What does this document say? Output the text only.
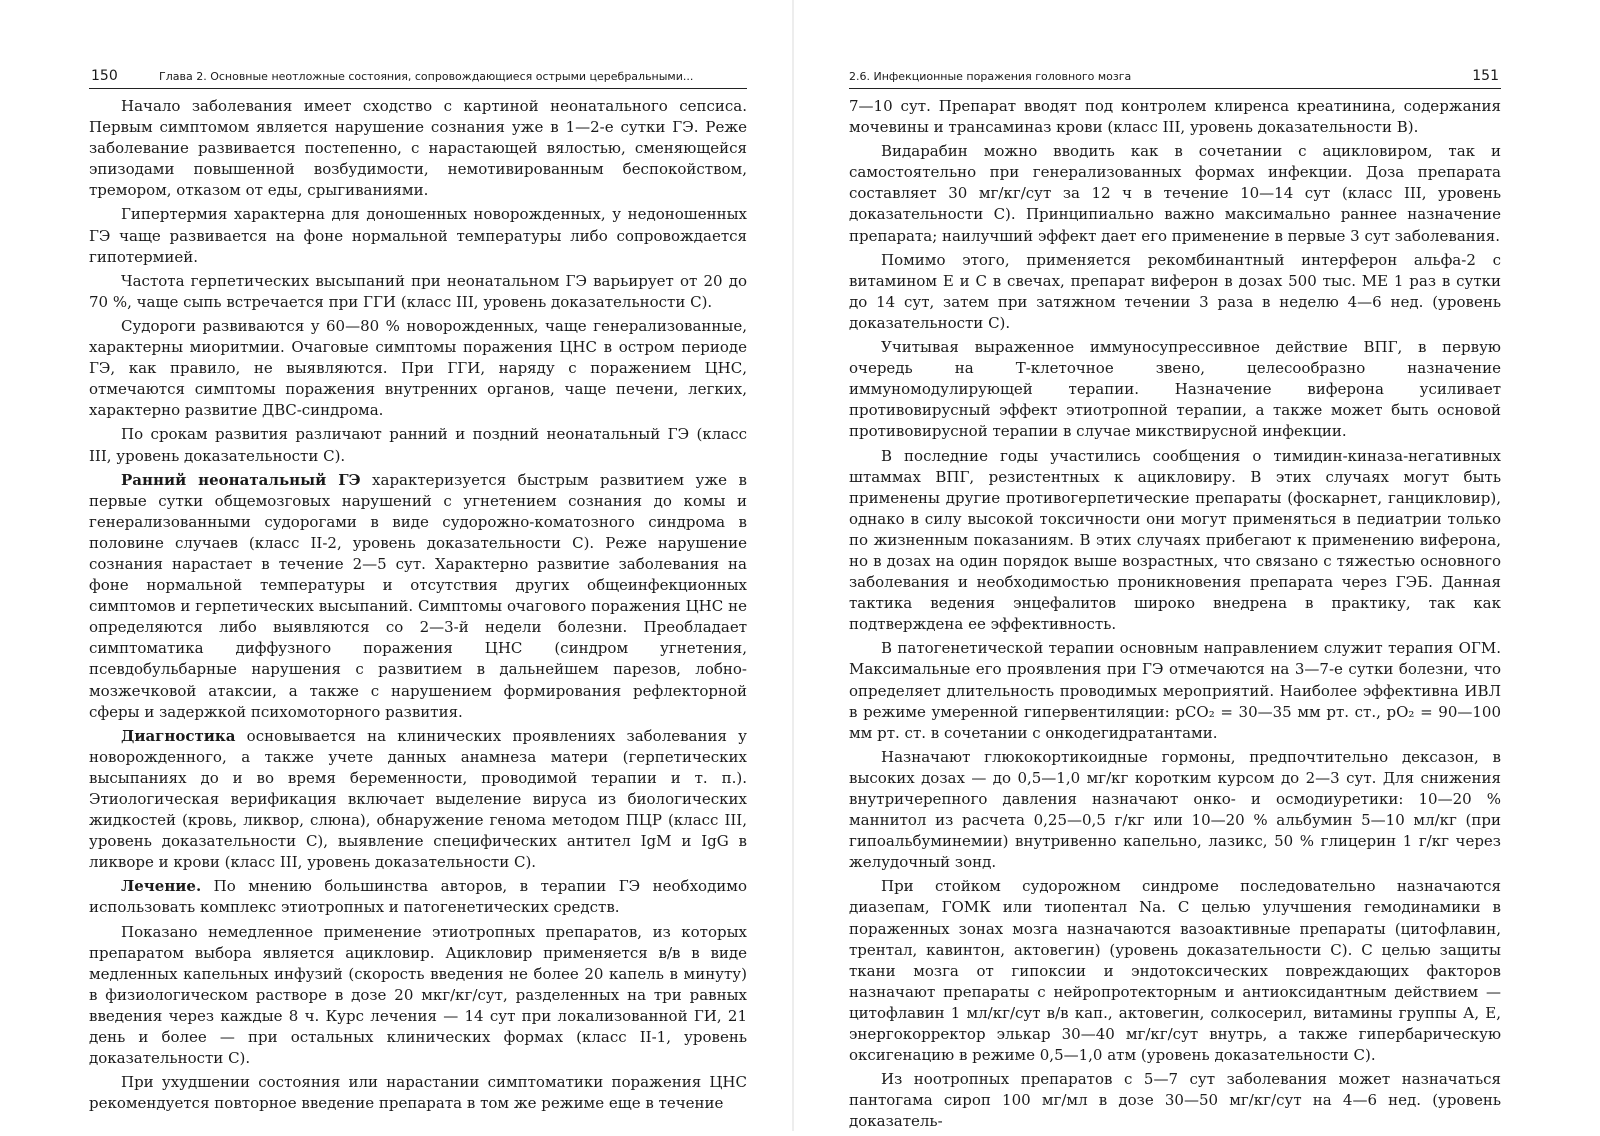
150	Глава 2. Основные неотложные состояния, сопровождающиеся острыми церебральными...

Начало заболевания имеет сходство с картиной неонатального сепсиса. Первым симптомом является нарушение сознания уже в 1—2-е сутки ГЭ. Реже заболевание развивается постепенно, с нарастающей вялостью, сменяющейся эпизодами повышенной возбудимости, немотивированным беспокойством, тремором, отказом от еды, срыгиваниями.

Гипертермия характерна для доношенных новорожденных, у недоношенных ГЭ чаще развивается на фоне нормальной температуры либо сопровождается гипотермией.

Частота герпетических высыпаний при неонатальном ГЭ варьирует от 20 до 70 %, чаще сыпь встречается при ГГИ (класс III, уровень доказательности С).

Судороги развиваются у 60—80 % новорожденных, чаще генерализованные, характерны миоритмии. Очаговые симптомы поражения ЦНС в остром периоде ГЭ, как правило, не выявляются. При ГГИ, наряду с поражением ЦНС, отмечаются симптомы поражения внутренних органов, чаще печени, легких, характерно развитие ДВС-синдрома.

По срокам развития различают ранний и поздний неонатальный ГЭ (класс III, уровень доказательности С).

Ранний неонатальный ГЭ характеризуется быстрым развитием уже в первые сутки общемозговых нарушений с угнетением сознания до комы и генерализованными судорогами в виде судорожно-коматозного синдрома в половине случаев (класс II-2, уровень доказательности С). Реже нарушение сознания нарастает в течение 2—5 сут. Характерно развитие заболевания на фоне нормальной температуры и отсутствия других общеинфекционных симптомов и герпетических высыпаний. Симптомы очагового поражения ЦНС не определяются либо выявляются со 2—3-й недели болезни. Преобладает симптоматика диффузного поражения ЦНС (синдром угнетения, псевдобульбарные нарушения с развитием в дальнейшем парезов, лобно-мозжечковой атаксии, а также с нарушением формирования рефлекторной сферы и задержкой психомоторного развития.

Диагностика основывается на клинических проявлениях заболевания у новорожденного, а также учете данных анамнеза матери (герпетических высыпаниях до и во время беременности, проводимой терапии и т. п.). Этиологическая верификация включает выделение вируса из биологических жидкостей (кровь, ликвор, слюна), обнаружение генома методом ПЦР (класс III, уровень доказательности С), выявление специфических антител IgM и IgG в ликворе и крови (класс III, уровень доказательности С).

Лечение. По мнению большинства авторов, в терапии ГЭ необходимо использовать комплекс этиотропных и патогенетических средств.

Показано немедленное применение этиотропных препаратов, из которых препаратом выбора является ацикловир. Ацикловир применяется в/в в виде медленных капельных инфузий (скорость введения не более 20 капель в минуту) в физиологическом растворе в дозе 20 мкг/кг/сут, разделенных на три равных введения через каждые 8 ч. Курс лечения — 14 сут при локализованной ГИ, 21 день и более — при остальных клинических формах (класс II-1, уровень доказательности С).

При ухудшении состояния или нарастании симптоматики поражения ЦНС рекомендуется повторное введение препарата в том же режиме еще в течение

2.6. Инфекционные поражения головного мозга	151

7—10 сут. Препарат вводят под контролем клиренса креатинина, содержания мочевины и трансаминаз крови (класс III, уровень доказательности В).

Видарабин можно вводить как в сочетании с ацикловиром, так и самостоятельно при генерализованных формах инфекции. Доза препарата составляет 30 мг/кг/сут за 12 ч в течение 10—14 сут (класс III, уровень доказательности С). Принципиально важно максимально раннее назначение препарата; наилучший эффект дает его применение в первые 3 сут заболевания.

Помимо этого, применяется рекомбинантный интерферон альфа-2 с витамином Е и С в свечах, препарат виферон в дозах 500 тыс. МЕ 1 раз в сутки до 14 сут, затем при затяжном течении 3 раза в неделю 4—6 нед. (уровень доказательности С).

Учитывая выраженное иммуносупрессивное действие ВПГ, в первую очередь на Т-клеточное звено, целесообразно назначение иммуномодулирующей терапии. Назначение виферона усиливает противовирусный эффект этиотропной терапии, а также может быть основой противовирусной терапии в случае микствирусной инфекции.

В последние годы участились сообщения о тимидин-киназа-негативных штаммах ВПГ, резистентных к ацикловиру. В этих случаях могут быть применены другие противогерпетические препараты (фоскарнет, ганцикловир), однако в силу высокой токсичности они могут применяться в педиатрии только по жизненным показаниям. В этих случаях прибегают к применению виферона, но в дозах на один порядок выше возрастных, что связано с тяжестью основного заболевания и необходимостью проникновения препарата через ГЭБ. Данная тактика ведения энцефалитов широко внедрена в практику, так как подтверждена ее эффективность.

В патогенетической терапии основным направлением служит терапия ОГМ. Максимальные его проявления при ГЭ отмечаются на 3—7-е сутки болезни, что определяет длительность проводимых мероприятий. Наиболее эффективна ИВЛ в режиме умеренной гипервентиляции: pCO₂ = 30—35 мм рт. ст., pO₂ = 90—100 мм рт. ст. в сочетании с онкодегидратантами.

Назначают глюкокортикоидные гормоны, предпочтительно дексазон, в высоких дозах — до 0,5—1,0 мг/кг коротким курсом до 2—3 сут. Для снижения внутричерепного давления назначают онко- и осмодиуретики: 10—20 % маннитол из расчета 0,25—0,5 г/кг или 10—20 % альбумин 5—10 мл/кг (при гипоальбуминемии) внутривенно капельно, лазикс, 50 % глицерин 1 г/кг через желудочный зонд.

При стойком судорожном синдроме последовательно назначаются диазепам, ГОМК или тиопентал Na. С целью улучшения гемодинамики в пораженных зонах мозга назначаются вазоактивные препараты (цитофлавин, трентал, кавинтон, актовегин) (уровень доказательности С). С целью защиты ткани мозга от гипоксии и эндотоксических повреждающих факторов назначают препараты с нейропротекторным и антиоксидантным действием — цитофлавин 1 мл/кг/сут в/в кап., актовегин, солкосерил, витамины группы А, Е, энергокорректор элькар 30—40 мг/кг/сут внутрь, а также гипербарическую оксигенацию в режиме 0,5—1,0 атм (уровень доказательности С).

Из ноотропных препаратов с 5—7 сут заболевания может назначаться пантогама сироп 100 мг/мл в дозе 30—50 мг/кг/сут на 4—6 нед. (уровень доказатель-
